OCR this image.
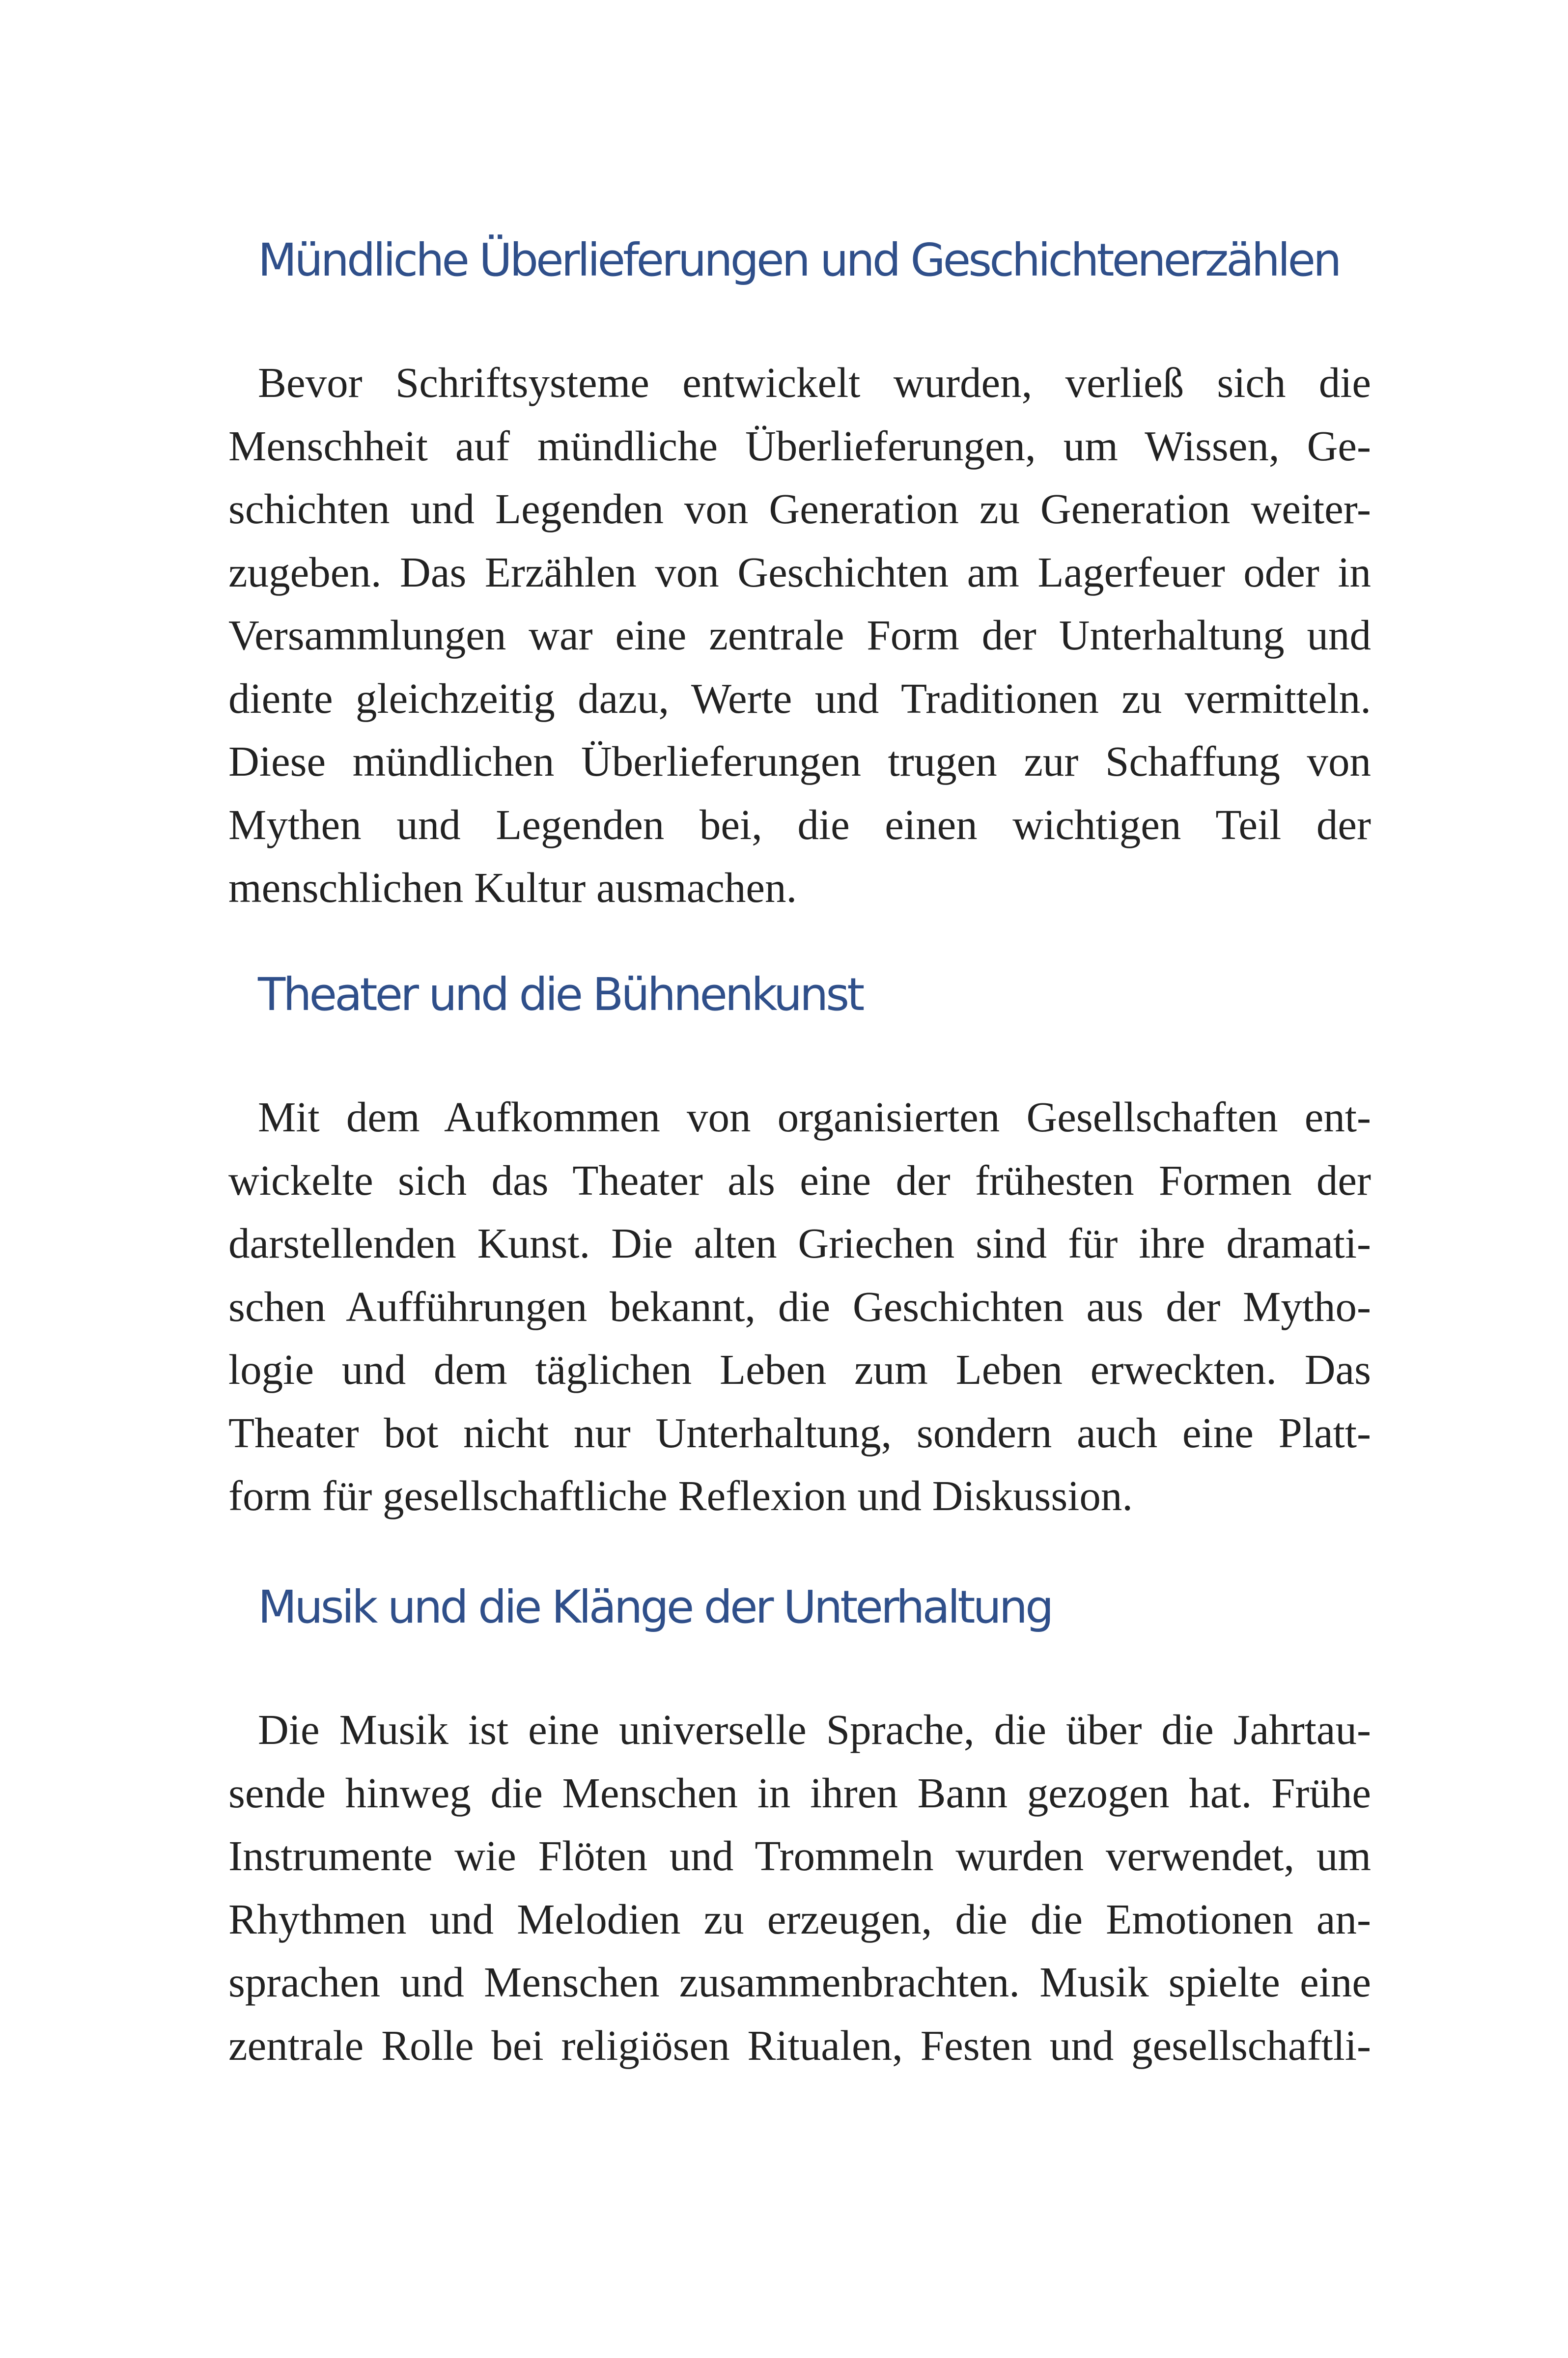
Mündliche Überlieferungen und Geschichtenerzählen

Bevor Schriftsysteme entwickelt wurden, verließ sich die
Menschheit auf mündliche Überlieferungen, um Wissen, Ge-
schichten und Legenden von Generation zu Generation weiter-
zugeben. Das Erzählen von Geschichten am Lagerfeuer oder in
Versammlungen war eine zentrale Form der Unterhaltung und
diente gleichzeitig dazu, Werte und Traditionen zu vermitteln.
Diese mündlichen Überlieferungen trugen zur Schaffung von
Mythen und Legenden bei, die einen wichtigen Teil der
menschlichen Kultur ausmachen.

Theater und die Bühnenkunst

Mit dem Aufkommen von organisierten Gesellschaften ent-
wickelte sich das Theater als eine der frühesten Formen der
darstellenden Kunst. Die alten Griechen sind für ihre dramati-
schen Aufführungen bekannt, die Geschichten aus der Mytho-
logie und dem täglichen Leben zum Leben erweckten. Das
Theater bot nicht nur Unterhaltung, sondern auch eine Platt-
form für gesellschaftliche Reflexion und Diskussion.

Musik und die Klänge der Unterhaltung

Die Musik ist eine universelle Sprache, die über die Jahrtau-
sende hinweg die Menschen in ihren Bann gezogen hat. Frühe
Instrumente wie Flöten und Trommeln wurden verwendet, um
Rhythmen und Melodien zu erzeugen, die die Emotionen an-
sprachen und Menschen zusammenbrachten. Musik spielte eine
zentrale Rolle bei religiösen Ritualen, Festen und gesellschaftli-
